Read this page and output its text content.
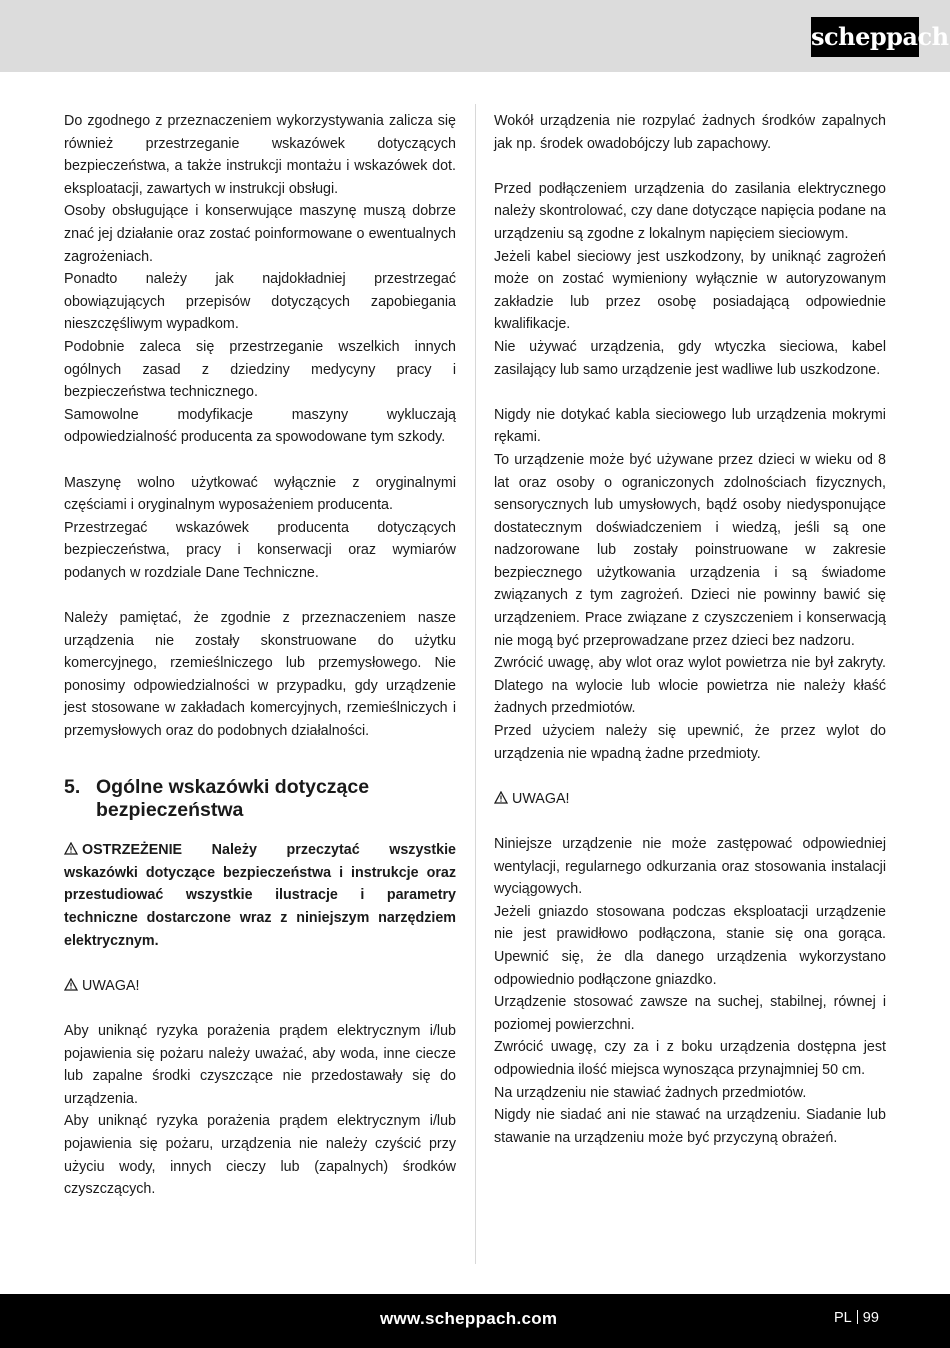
scheppach

Do zgodnego z przeznaczeniem wykorzystywania zalicza się również przestrzeganie wskazówek dotyczących bezpieczeństwa, a także instrukcji montażu i wskazówek dot. eksploatacji, zawartych w instrukcji obsługi.

Osoby obsługujące i konserwujące maszynę muszą dobrze znać jej działanie oraz zostać poinformowane o ewentualnych zagrożeniach.

Ponadto należy jak najdokładniej przestrzegać obowiązujących przepisów dotyczących zapobiegania nieszczęśliwym wypadkom.

Podobnie zaleca się przestrzeganie wszelkich innych ogólnych zasad z dziedziny medycyny pracy i bezpieczeństwa technicznego.

Samowolne modyfikacje maszyny wykluczają odpowiedzialność producenta za spowodowane tym szkody.

Maszynę wolno użytkować wyłącznie z oryginalnymi częściami i oryginalnym wyposażeniem producenta.

Przestrzegać wskazówek producenta dotyczących bezpieczeństwa, pracy i konserwacji oraz wymiarów podanych w rozdziale Dane Techniczne.

Należy pamiętać, że zgodnie z przeznaczeniem nasze urządzenia nie zostały skonstruowane do użytku komercyjnego, rzemieślniczego lub przemysłowego. Nie ponosimy odpowiedzialności w przypadku, gdy urządzenie jest stosowane w zakładach komercyjnych, rzemieślniczych i przemysłowych oraz do podobnych działalności.

5. Ogólne wskazówki dotyczące bezpieczeństwa

OSTRZEŻENIE Należy przeczytać wszystkie wskazówki dotyczące bezpieczeństwa i instrukcje oraz przestudiować wszystkie ilustracje i parametry techniczne dostarczone wraz z niniejszym narzędziem elektrycznym.

UWAGA!

Aby uniknąć ryzyka porażenia prądem elektrycznym i/lub pojawienia się pożaru należy uważać, aby woda, inne ciecze lub zapalne środki czyszczące nie przedostawały się do urządzenia.

Aby uniknąć ryzyka porażenia prądem elektrycznym i/lub pojawienia się pożaru, urządzenia nie należy czyścić przy użyciu wody, innych cieczy lub (zapalnych) środków czyszczących.

Wokół urządzenia nie rozpylać żadnych środków zapalnych jak np. środek owadobójczy lub zapachowy.

Przed podłączeniem urządzenia do zasilania elektrycznego należy skontrolować, czy dane dotyczące napięcia podane na urządzeniu są zgodne z lokalnym napięciem sieciowym.

Jeżeli kabel sieciowy jest uszkodzony, by uniknąć zagrożeń może on zostać wymieniony wyłącznie w autoryzowanym zakładzie lub przez osobę posiadającą odpowiednie kwalifikacje.

Nie używać urządzenia, gdy wtyczka sieciowa, kabel zasilający lub samo urządzenie jest wadliwe lub uszkodzone.

Nigdy nie dotykać kabla sieciowego lub urządzenia mokrymi rękami.

To urządzenie może być używane przez dzieci w wieku od 8 lat oraz osoby o ograniczonych zdolnościach fizycznych, sensorycznych lub umysłowych, bądź osoby niedysponujące dostatecznym doświadczeniem i wiedzą, jeśli są one nadzorowane lub zostały poinstruowane w zakresie bezpiecznego użytkowania urządzenia i są świadome związanych z tym zagrożeń. Dzieci nie powinny bawić się urządzeniem. Prace związane z czyszczeniem i konserwacją nie mogą być przeprowadzane przez dzieci bez nadzoru.

Zwrócić uwagę, aby wlot oraz wylot powietrza nie był zakryty. Dlatego na wylocie lub wlocie powietrza nie należy kłaść żadnych przedmiotów.

Przed użyciem należy się upewnić, że przez wylot do urządzenia nie wpadną żadne przedmioty.

UWAGA!

Niniejsze urządzenie nie może zastępować odpowiedniej wentylacji, regularnego odkurzania oraz stosowania instalacji wyciągowych.

Jeżeli gniazdo stosowana podczas eksploatacji urządzenie nie jest prawidłowo podłączona, stanie się ona gorąca. Upewnić się, że dla danego urządzenia wykorzystano odpowiednio podłączone gniazdko.

Urządzenie stosować zawsze na suchej, stabilnej, równej i poziomej powierzchni.

Zwrócić uwagę, czy za i z boku urządzenia dostępna jest odpowiednia ilość miejsca wynosząca przynajmniej 50 cm.

Na urządzeniu nie stawiać żadnych przedmiotów.

Nigdy nie siadać ani nie stawać na urządzeniu. Siadanie lub stawanie na urządzeniu może być przyczyną obrażeń.

www.scheppach.com	PL 99
